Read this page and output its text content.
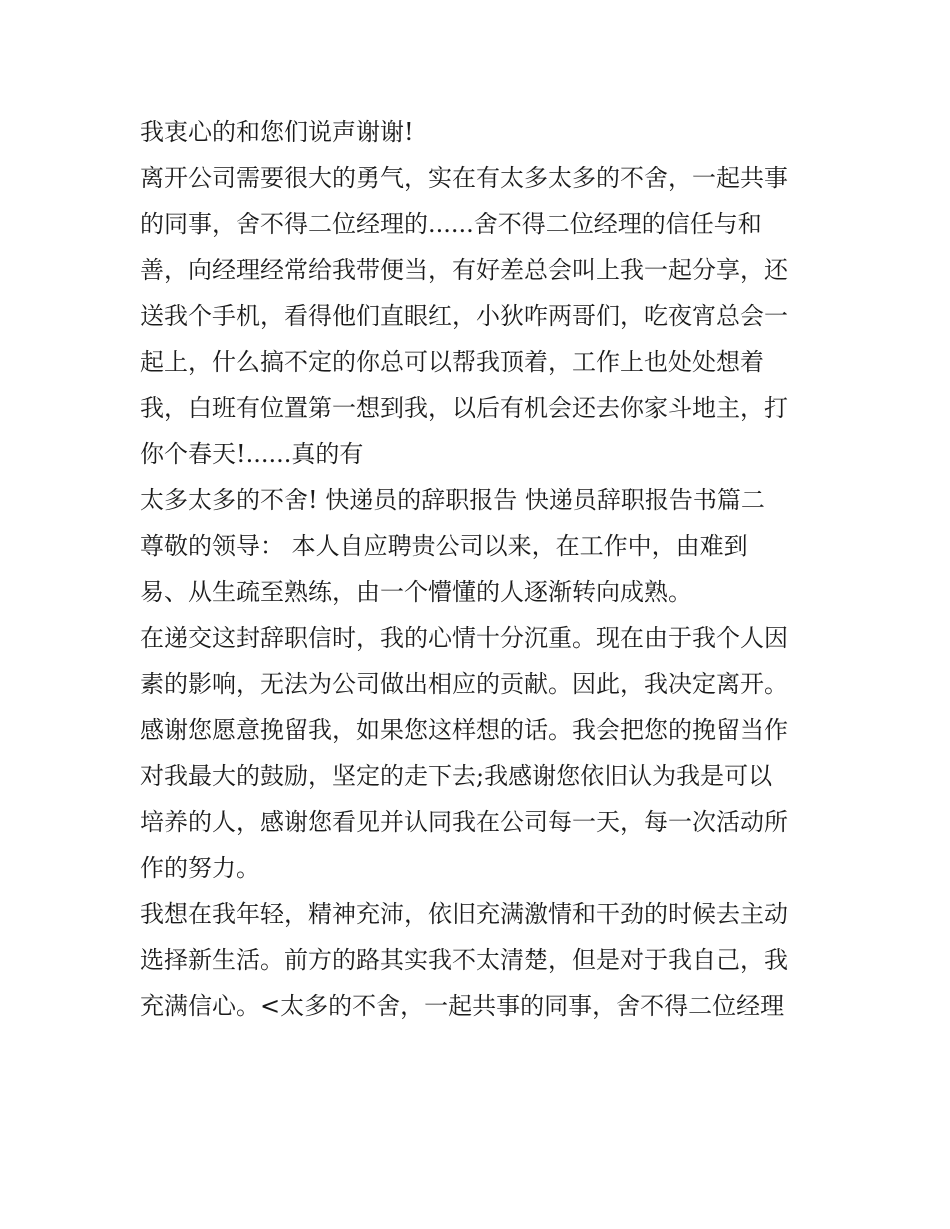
我衷心的和您们说声谢谢!
离开公司需要很大的勇气，实在有太多太多的不舍，一起共事
的同事，舍不得二位经理的......舍不得二位经理的信任与和
善，向经理经常给我带便当，有好差总会叫上我一起分享，还
送我个手机，看得他们直眼红，小狄咋两哥们，吃夜宵总会一
起上，什么搞不定的你总可以帮我顶着，工作上也处处想着
我，白班有位置第一想到我，以后有机会还去你家斗地主，打
你个春天!......真的有
太多太多的不舍! 快递员的辞职报告 快递员辞职报告书篇二
尊敬的领导： 本人自应聘贵公司以来，在工作中，由难到
易、从生疏至熟练，由一个懵懂的人逐渐转向成熟。
在递交这封辞职信时，我的心情十分沉重。现在由于我个人因
素的影响，无法为公司做出相应的贡献。因此，我决定离开。
感谢您愿意挽留我，如果您这样想的话。我会把您的挽留当作
对我最大的鼓励，坚定的走下去;我感谢您依旧认为我是可以
培养的人，感谢您看见并认同我在公司每一天，每一次活动所
作的努力。
我想在我年轻，精神充沛，依旧充满激情和干劲的时候去主动
选择新生活。前方的路其实我不太清楚，但是对于我自己，我
充满信心。<太多的不舍，一起共事的同事，舍不得二位经理
